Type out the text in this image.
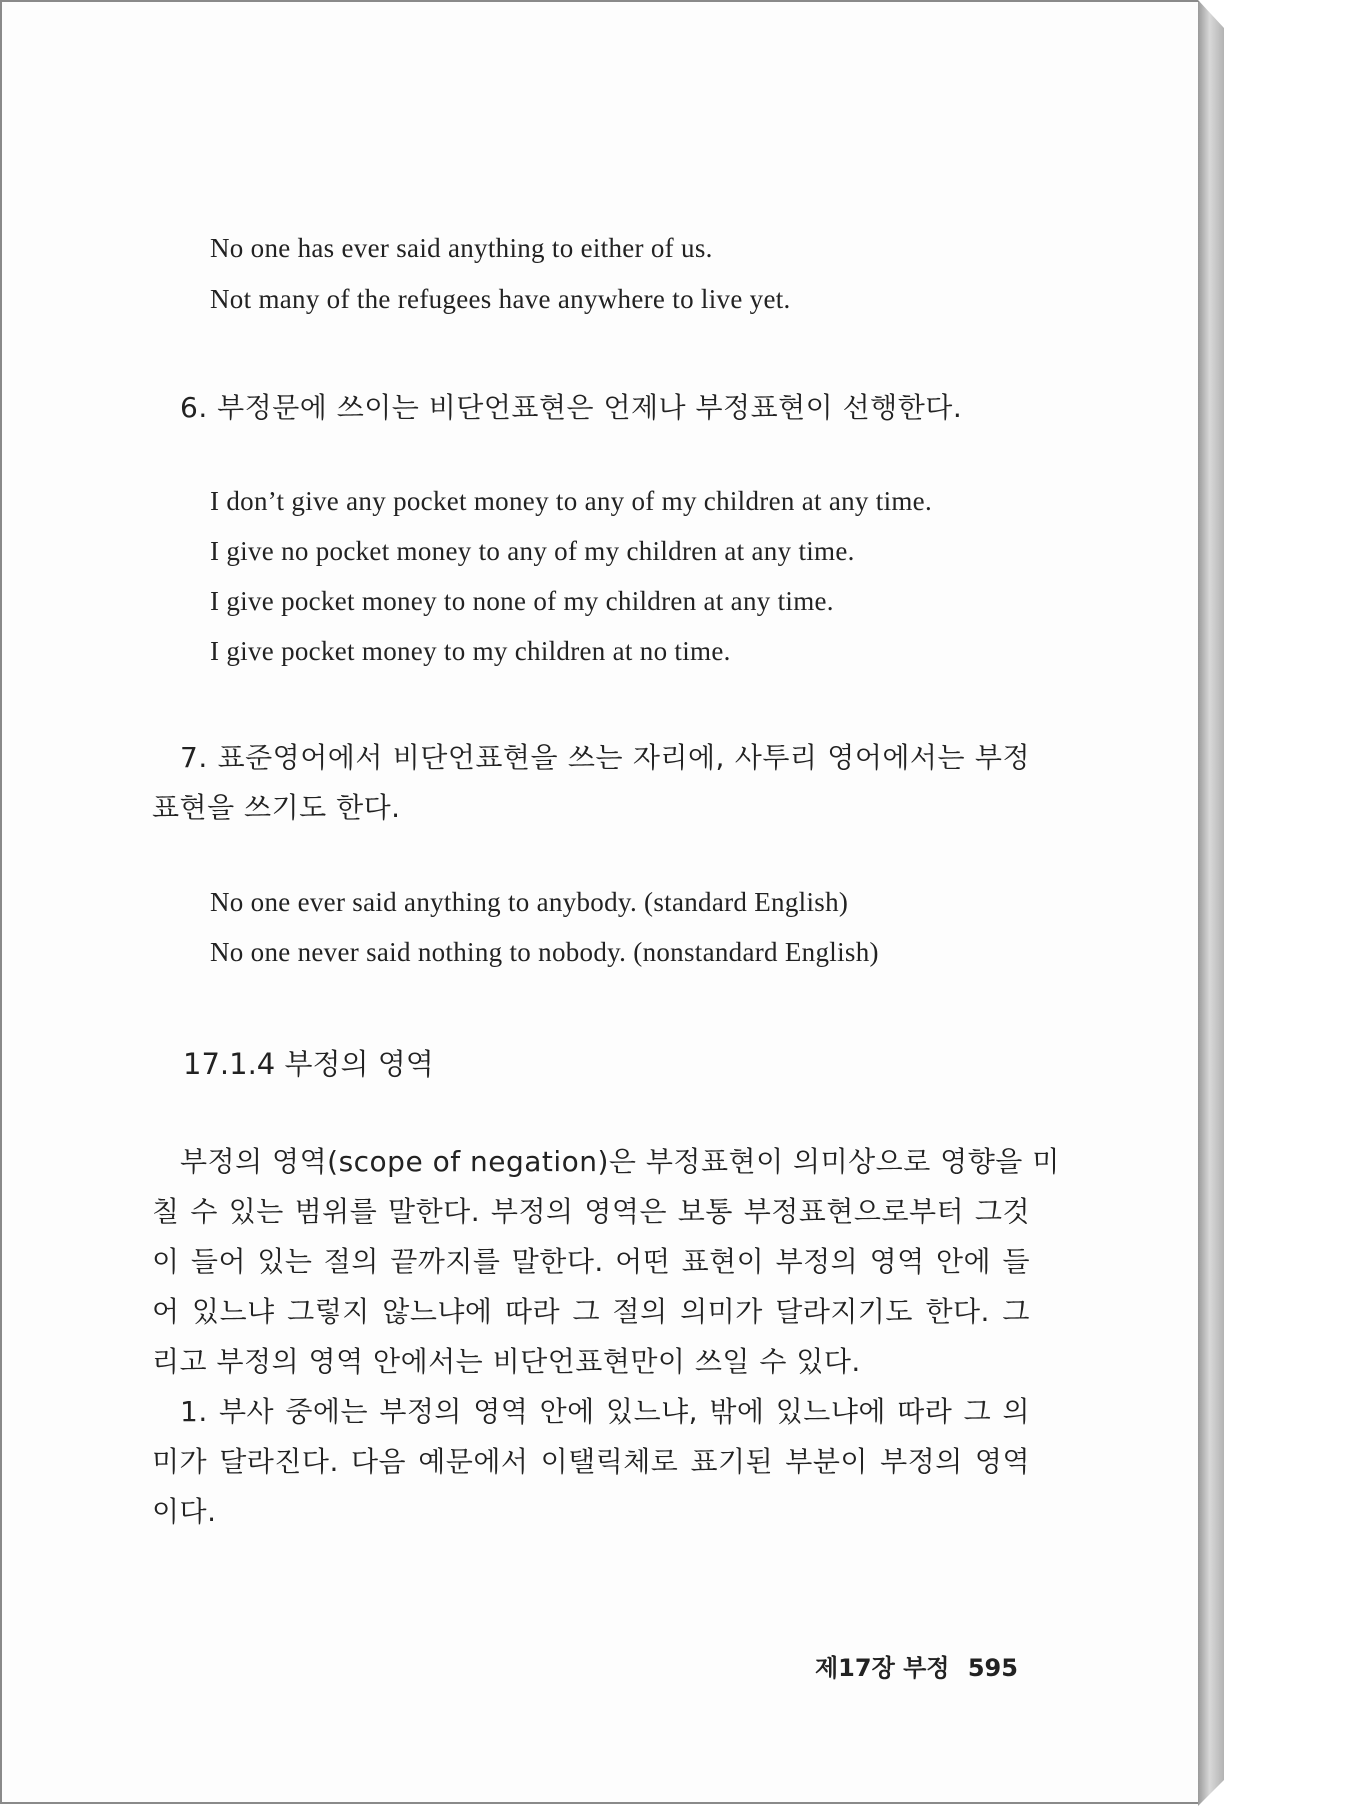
No one has ever said anything to either of us.

Not many of the refugees have anywhere to live yet.

6. 부정문에 쓰이는 비단언표현은 언제나 부정표현이 선행한다.

I don’t give any pocket money to any of my children at any time.

I give no pocket money to any of my children at any time.

I give pocket money to none of my children at any time.

I give pocket money to my children at no time.

7. 표준영어에서 비단언표현을 쓰는 자리에, 사투리 영어에서는 부정

표현을 쓰기도 한다.

No one ever said anything to anybody. (standard English)

No one never said nothing to nobody. (nonstandard English)

17.1.4 부정의 영역

부정의 영역(scope of negation)은 부정표현이 의미상으로 영향을 미

칠 수 있는 범위를 말한다. 부정의 영역은 보통 부정표현으로부터 그것

이 들어 있는 절의 끝까지를 말한다. 어떤 표현이 부정의 영역 안에 들

어 있느냐 그렇지 않느냐에 따라 그 절의 의미가 달라지기도 한다. 그

리고 부정의 영역 안에서는 비단언표현만이 쓰일 수 있다.

1. 부사 중에는 부정의 영역 안에 있느냐, 밖에 있느냐에 따라 그 의

미가 달라진다. 다음 예문에서 이탤릭체로 표기된 부분이 부정의 영역

이다.

제17장 부정 595
